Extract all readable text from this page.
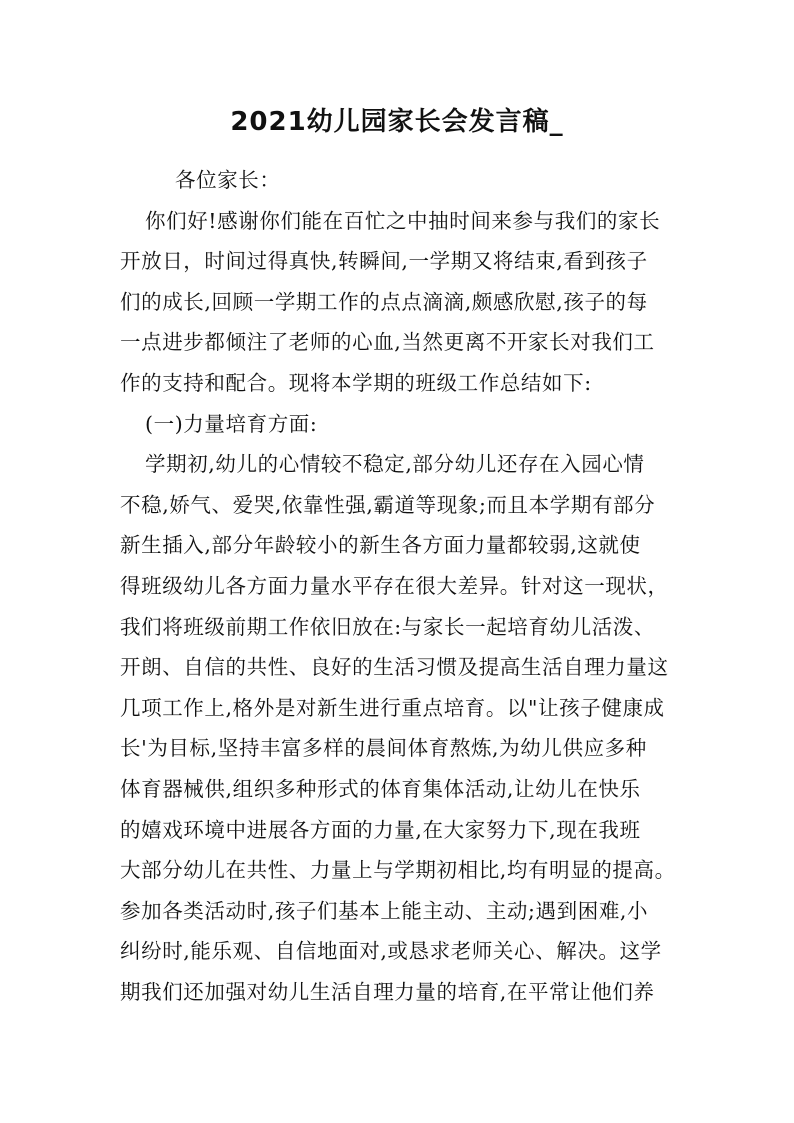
2021幼儿园家长会发言稿_
各位家长：
你们好!感谢你们能在百忙之中抽时间来参与我们的家长
开放日，时间过得真快,转瞬间,一学期又将结束,看到孩子
们的成长,回顾一学期工作的点点滴滴,颇感欣慰,孩子的每
一点进步都倾注了老师的心血,当然更离不开家长对我们工
作的支持和配合。现将本学期的班级工作总结如下:
(一)力量培育方面:
学期初,幼儿的心情较不稳定,部分幼儿还存在入园心情
不稳,娇气、爱哭,依靠性强,霸道等现象;而且本学期有部分
新生插入,部分年龄较小的新生各方面力量都较弱,这就使
得班级幼儿各方面力量水平存在很大差异。针对这一现状，
我们将班级前期工作依旧放在:与家长一起培育幼儿活泼、
开朗、自信的共性、良好的生活习惯及提高生活自理力量这
几项工作上,格外是对新生进行重点培育。以"让孩子健康成
长'为目标,坚持丰富多样的晨间体育熬炼,为幼儿供应多种
体育器械供,组织多种形式的体育集体活动,让幼儿在快乐
的嬉戏环境中进展各方面的力量,在大家努力下,现在我班
大部分幼儿在共性、力量上与学期初相比,均有明显的提高。
参加各类活动时,孩子们基本上能主动、主动;遇到困难,小
纠纷时,能乐观、自信地面对,或恳求老师关心、解决。这学
期我们还加强对幼儿生活自理力量的培育,在平常让他们养
